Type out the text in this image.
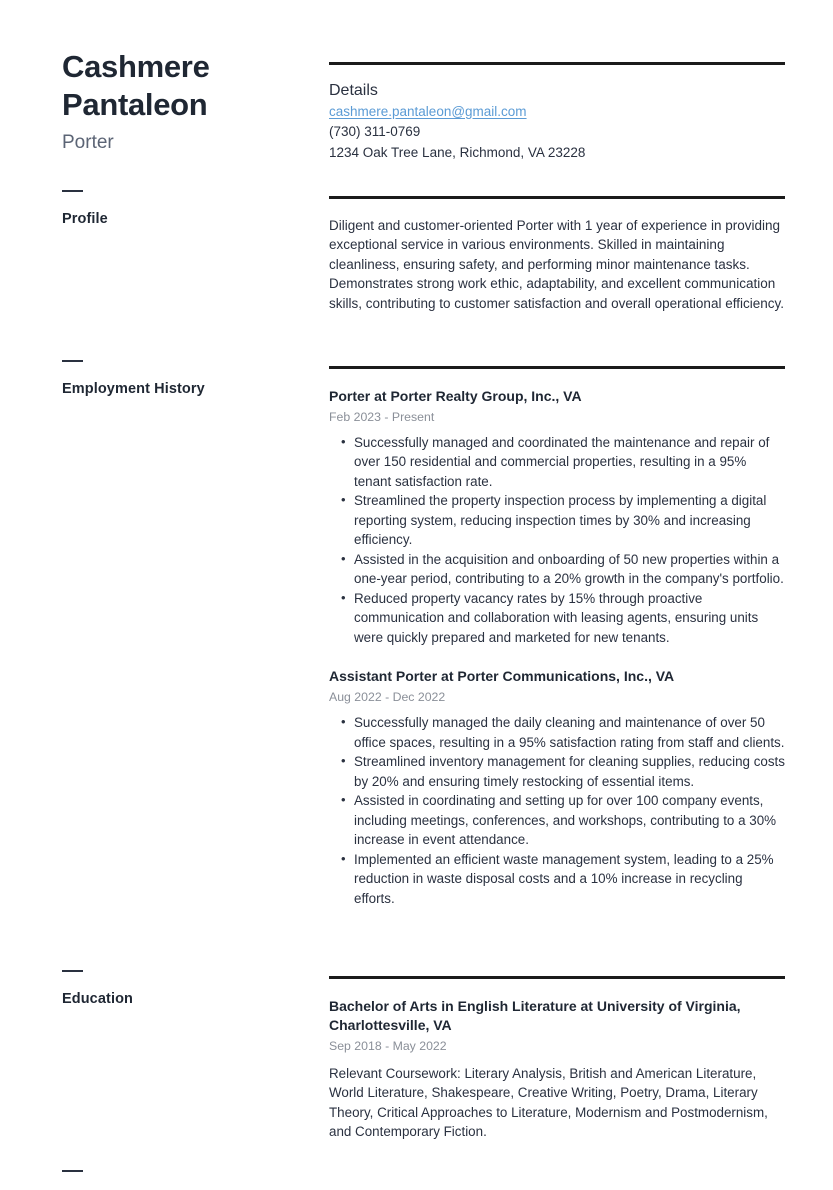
Cashmere Pantaleon
Porter
Details
cashmere.pantaleon@gmail.com
(730) 311-0769
1234 Oak Tree Lane, Richmond, VA 23228
Profile	Diligent and customer-oriented Porter with 1 year of experience in providing exceptional service in various environments. Skilled in maintaining cleanliness, ensuring safety, and performing minor maintenance tasks. Demonstrates strong work ethic, adaptability, and excellent communication skills, contributing to customer satisfaction and overall operational efficiency.

Employment History	Porter at Porter Realty Group, Inc., VA
Feb 2023 - Present
• Successfully managed and coordinated the maintenance and repair of over 150 residential and commercial properties, resulting in a 95% tenant satisfaction rate.
• Streamlined the property inspection process by implementing a digital reporting system, reducing inspection times by 30% and increasing efficiency.
• Assisted in the acquisition and onboarding of 50 new properties within a one-year period, contributing to a 20% growth in the company's portfolio.
• Reduced property vacancy rates by 15% through proactive communication and collaboration with leasing agents, ensuring units were quickly prepared and marketed for new tenants.
Assistant Porter at Porter Communications, Inc., VA
Aug 2022 - Dec 2022
• Successfully managed the daily cleaning and maintenance of over 50 office spaces, resulting in a 95% satisfaction rating from staff and clients.
• Streamlined inventory management for cleaning supplies, reducing costs by 20% and ensuring timely restocking of essential items.
• Assisted in coordinating and setting up for over 100 company events, including meetings, conferences, and workshops, contributing to a 30% increase in event attendance.
• Implemented an efficient waste management system, leading to a 25% reduction in waste disposal costs and a 10% increase in recycling efforts.
Education	Bachelor of Arts in English Literature at University of Virginia, Charlottesville, VA
Sep 2018 - May 2022

Relevant Coursework: Literary Analysis, British and American Literature, World Literature, Shakespeare, Creative Writing, Poetry, Drama, Literary Theory, Critical Approaches to Literature, Modernism and Postmodernism, and Contemporary Fiction.
